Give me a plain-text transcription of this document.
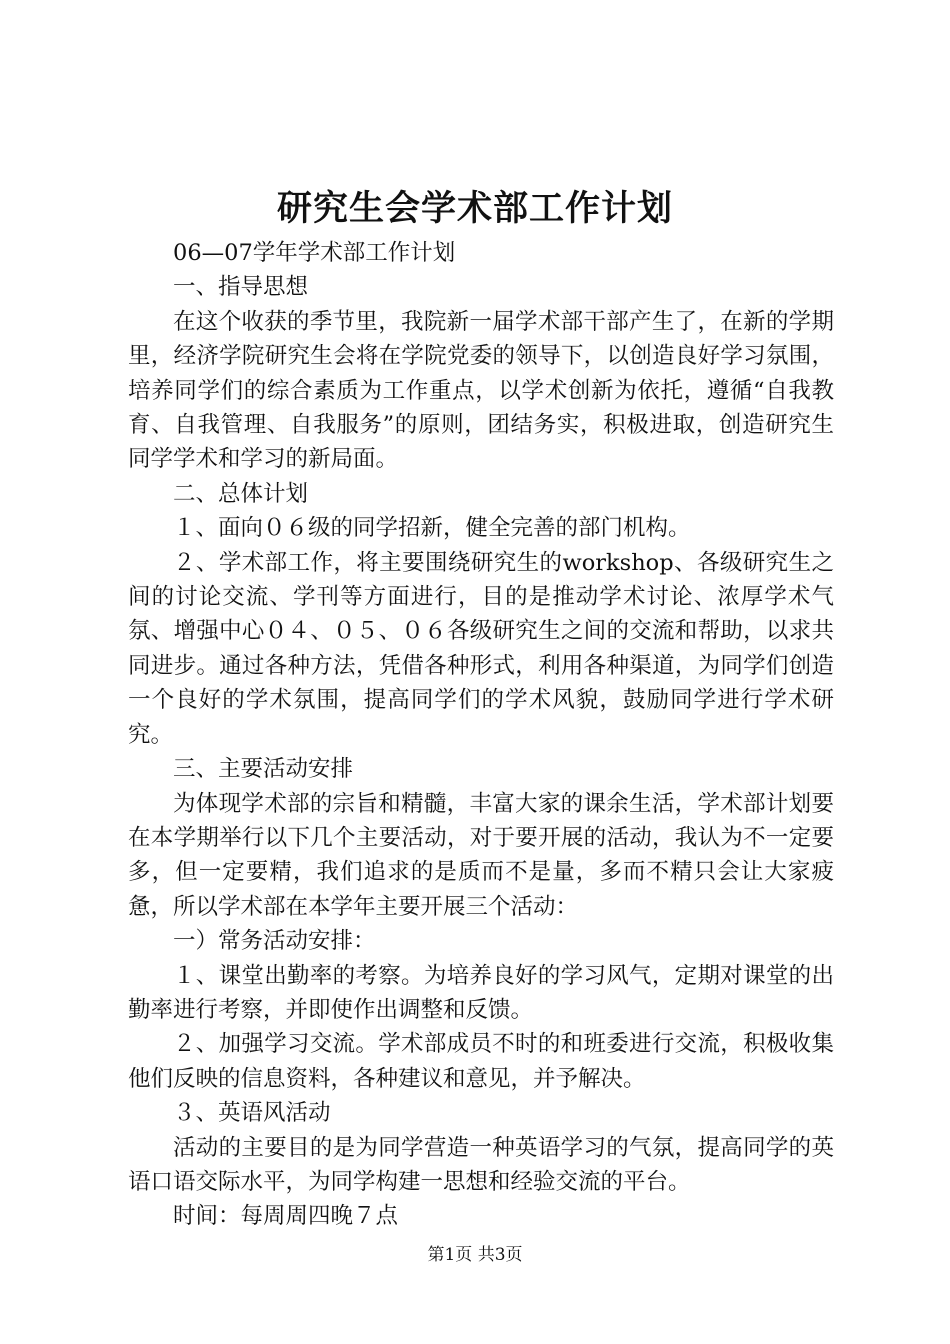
研究生会学术部工作计划

06—07学年学术部工作计划

一、指导思想

在这个收获的季节里，我院新一届学术部干部产生了，在新的学期里，经济学院研究生会将在学院党委的领导下，以创造良好学习氛围，培养同学们的综合素质为工作重点，以学术创新为依托，遵循“自我教育、自我管理、自我服务”的原则，团结务实，积极进取，创造研究生同学学术和学习的新局面。

二、总体计划

１、面向０６级的同学招新，健全完善的部门机构。

２、学术部工作，将主要围绕研究生的workshop、各级研究生之间的讨论交流、学刊等方面进行，目的是推动学术讨论、浓厚学术气氛、增强中心０４、０５、０６各级研究生之间的交流和帮助，以求共同进步。通过各种方法，凭借各种形式，利用各种渠道，为同学们创造一个良好的学术氛围，提高同学们的学术风貌，鼓励同学进行学术研究。

三、主要活动安排

为体现学术部的宗旨和精髓，丰富大家的课余生活，学术部计划要在本学期举行以下几个主要活动，对于要开展的活动，我认为不一定要多，但一定要精，我们追求的是质而不是量，多而不精只会让大家疲惫，所以学术部在本学年主要开展三个活动：

一）常务活动安排：

１、课堂出勤率的考察。为培养良好的学习风气，定期对课堂的出勤率进行考察，并即使作出调整和反馈。

２、加强学习交流。学术部成员不时的和班委进行交流，积极收集他们反映的信息资料，各种建议和意见，并予解决。

３、英语风活动

活动的主要目的是为同学营造一种英语学习的气氛，提高同学的英语口语交际水平，为同学构建一思想和经验交流的平台。

时间：每周周四晚７点

第1页 共3页
